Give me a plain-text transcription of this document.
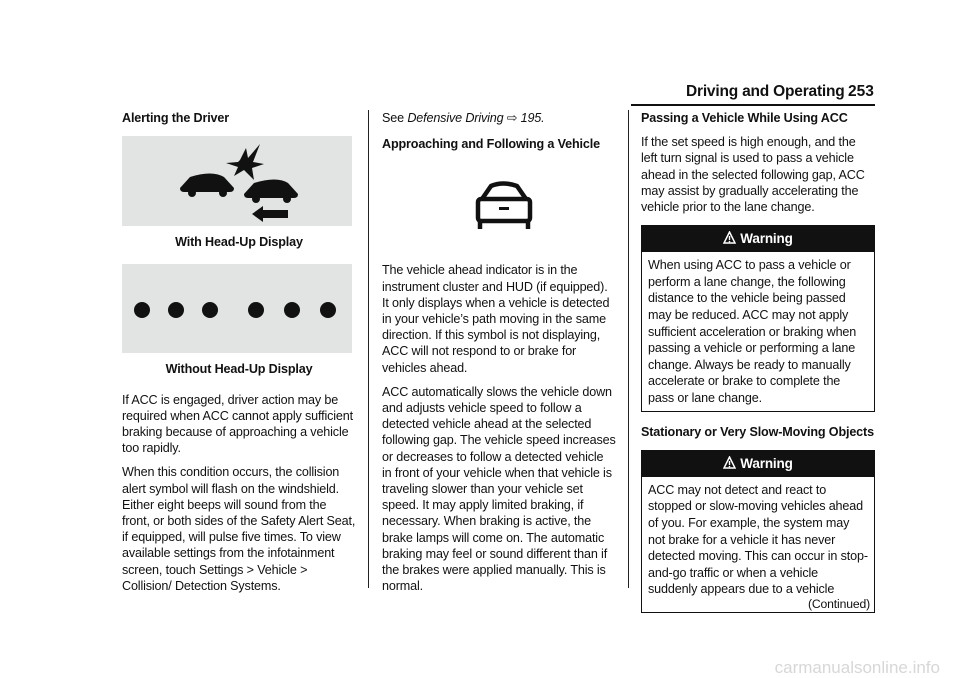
Driving and Operating 253
Alerting the Driver
With Head-Up Display
Without Head-Up Display

If ACC is engaged, driver action may be required when ACC cannot apply sufficient braking because of approaching a vehicle too rapidly.

When this condition occurs, the collision alert symbol will flash on the windshield. Either eight beeps will sound from the front, or both sides of the Safety Alert Seat, if equipped, will pulse five times. To view available settings from the infotainment screen, touch Settings > Vehicle > Collision/ Detection Systems.

See Defensive Driving ⇨ 195.

Approaching and Following a Vehicle

The vehicle ahead indicator is in the instrument cluster and HUD (if equipped). It only displays when a vehicle is detected in your vehicle’s path moving in the same direction. If this symbol is not displaying, ACC will not respond to or brake for vehicles ahead.

ACC automatically slows the vehicle down and adjusts vehicle speed to follow a detected vehicle ahead at the selected following gap. The vehicle speed increases or decreases to follow a detected vehicle in front of your vehicle when that vehicle is traveling slower than your vehicle set speed. It may apply limited braking, if necessary. When braking is active, the brake lamps will come on. The automatic braking may feel or sound different than if the brakes were applied manually. This is normal.

Passing a Vehicle While Using ACC

If the set speed is high enough, and the left turn signal is used to pass a vehicle ahead in the selected following gap, ACC may assist by gradually accelerating the vehicle prior to the lane change.

Warning
When using ACC to pass a vehicle or perform a lane change, the following distance to the vehicle being passed may be reduced. ACC may not apply sufficient acceleration or braking when passing a vehicle or performing a lane change. Always be ready to manually accelerate or brake to complete the pass or lane change.
Stationary or Very Slow-Moving Objects
Warning
ACC may not detect and react to stopped or slow-moving vehicles ahead of you. For example, the system may not brake for a vehicle it has never detected moving. This can occur in stop-and-go traffic or when a vehicle suddenly appears due to a vehicle
(Continued)
carmanualsonline.info
